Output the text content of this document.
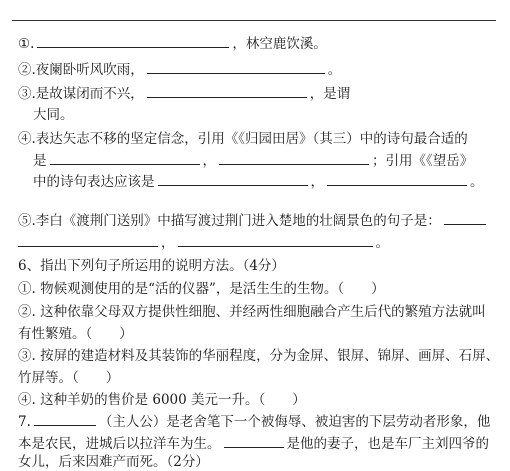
①.	，林空鹿饮溪。
②.夜阑卧听风吹雨，	。
③.是故谋闭而不兴，	，是谓
大同。
④.表达矢志不移的坚定信念，引用《《归园田居》（其三）中的诗句最合适的
是	，	；引用《《望岳》
中的诗句表达应该是	，	。
⑤.李白《渡荆门送别》中描写渡过荆门进入楚地的壮阔景色的句子是：
，	。
6、指出下列句子所运用的说明方法。（4分）
①. 物候观测使用的是“活的仪器”，是活生生的生物。（　　）
②. 这种依靠父母双方提供性细胞、并经两性细胞融合产生后代的繁殖方法就叫
有性繁殖。（　　）
③. 按屏的建造材料及其装饰的华丽程度，分为金屏、银屏、锦屏、画屏、石屏、
竹屏等。（　　）
④. 这种羊奶的售价是 6000 美元一升。（　　）
7.	（主人公）是老舍笔下一个被侮辱、被迫害的下层劳动者形象，他
本是农民，进城后以拉洋车为生。	是他的妻子，也是车厂主刘四爷的
女儿，后来因难产而死。（2分）
